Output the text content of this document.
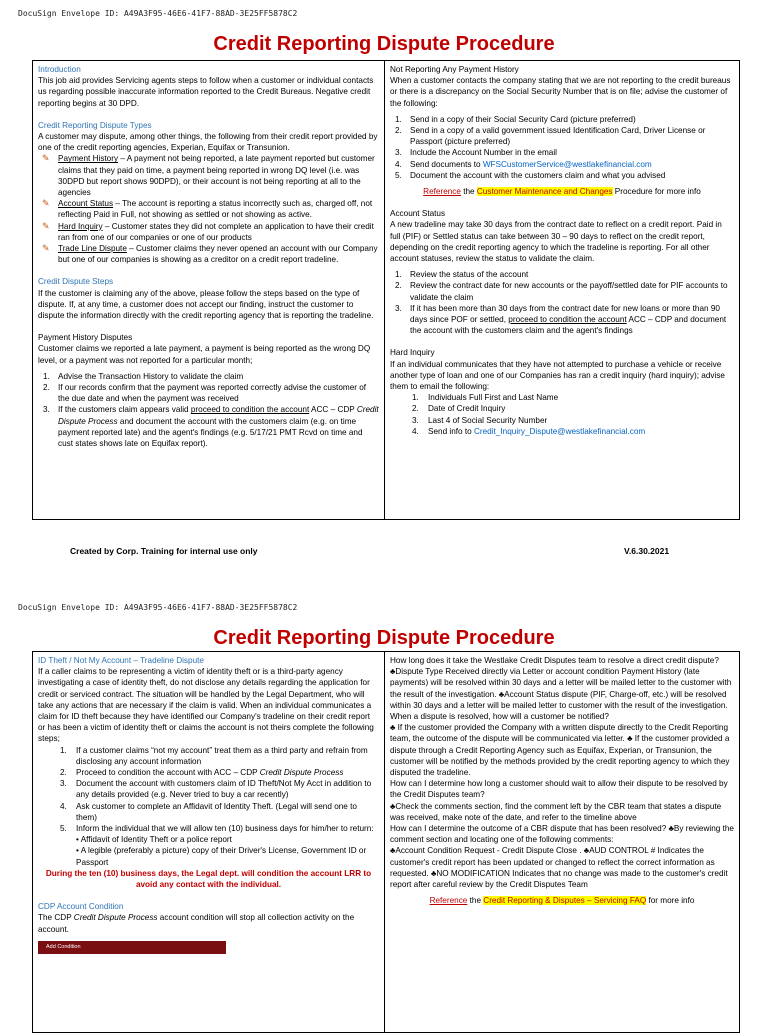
DocuSign Envelope ID: A49A3F95-46E6-41F7-88AD-3E25FF5878C2
Credit Reporting Dispute Procedure

Introduction

This job aid provides Servicing agents steps to follow when a customer or individual contacts us regarding possible inaccurate information reported to the Credit Bureaus. Negative credit reporting begins at 30 DPD.

Credit Reporting Dispute Types

A customer may dispute, among other things, the following from their credit report provided by one of the credit reporting agencies, Experian, Equifax or Transunion.

✎ Payment History – A payment not being reported, a late payment reported but customer claims that they paid on time, a payment being reported in wrong DQ level (i.e. was 30DPD but report shows 90DPD), or their account is not being reporting at all to the agencies
✎ Account Status – The account is reporting a status incorrectly such as, charged off, not reflecting Paid in Full, not showing as settled or not showing as active.
✎ Hard Inquiry – Customer states they did not complete an application to have their credit ran from one of our companies or one of our products
✎ Trade Line Dispute – Customer claims they never opened an account with our Company but one of our companies is showing as a creditor on a credit report tradeline.

Credit Dispute Steps

If the customer is claiming any of the above, please follow the steps based on the type of dispute. If, at any time, a customer does not accept our finding, instruct the customer to dispute the information directly with the credit reporting agency that is reporting the tradeline.

Payment History Disputes

Customer claims we reported a late payment, a payment is being reported as the wrong DQ level, or a payment was not reported for a particular month;

1. Advise the Transaction History to validate the claim
2. If our records confirm that the payment was reported correctly advise the customer of the due date and when the payment was received
3. If the customers claim appears valid proceed to condition the account ACC – CDP Credit Dispute Process and document the account with the customers claim (e.g. on time payment reported late) and the agent's findings (e.g. 5/17/21 PMT Rcvd on time and cust states shows late on Equifax report).

Not Reporting Any Payment History

When a customer contacts the company stating that we are not reporting to the credit bureaus or there is a discrepancy on the Social Security Number that is on file; advise the customer of the following:

1. Send in a copy of their Social Security Card (picture preferred)
2. Send in a copy of a valid government issued Identification Card, Driver License or Passport (picture preferred)
3. Include the Account Number in the email
4. Send documents to WFSCustomerService@westlakefinancial.com
5. Document the account with the customers claim and what you advised

Reference the Customer Maintenance and Changes Procedure for more info

Account Status

A new tradeline may take 30 days from the contract date to reflect on a credit report. Paid in full (PIF) or Settled status can take between 30 – 90 days to reflect on the credit report, depending on the credit reporting agency to which the tradeline is reporting. For all other account statuses, review the status to validate the claim.

1. Review the status of the account
2. Review the contract date for new accounts or the payoff/settled date for PIF accounts to validate the claim
3. If it has been more than 30 days from the contract date for new loans or more than 90 days since POF or settled, proceed to condition the account ACC – CDP and document the account with the customers claim and the agent's findings

Hard Inquiry

If an individual communicates that they have not attempted to purchase a vehicle or receive another type of loan and one of our Companies has ran a credit inquiry (hard inquiry); advise them to email the following:

1. Individuals Full First and Last Name
2. Date of Credit Inquiry
3. Last 4 of Social Security Number
4. Send info to Credit_Inquiry_Dispute@westlakefinancial.com
Created by Corp. Training for internal use only	V.6.30.2021
DocuSign Envelope ID: A49A3F95-46E6-41F7-88AD-3E25FF5878C2
Credit Reporting Dispute Procedure

ID Theft / Not My Account – Tradeline Dispute

If a caller claims to be representing a victim of identity theft or is a third-party agency investigating a case of identity theft, do not disclose any details regarding the application for credit or serviced contract. The situation will be handled by the Legal Department, who will take any actions that are necessary if the claim is valid. When an individual communicates a claim for ID theft because they have identified our Company's tradeline on their credit report or has been a victim of identity theft or claims the account is not theirs complete the following steps;

1. If a customer claims “not my account” treat them as a third party and refrain from disclosing any account information
2. Proceed to condition the account with ACC – CDP Credit Dispute Process
3. Document the account with customers claim of ID Theft/Not My Acct in addition to any details provided (e.g. Never tried to buy a car recently)
4. Ask customer to complete an Affidavit of Identity Theft. (Legal will send one to them)
5. Inform the individual that we will allow ten (10) business days for him/her to return:
• Affidavit of Identity Theft or a police report
• A legible (preferably a picture) copy of their Driver's License, Government ID or Passport

During the ten (10) business days, the Legal dept. will condition the account LRR to avoid any contact with the individual.

CDP Account Condition

The CDP Credit Dispute Process account condition will stop all collection activity on the account.

Add Condition

How long does it take the Westlake Credit Disputes team to resolve a direct credit dispute?

♣Dispute Type Received directly via Letter or account condition Payment History (late payments) will be resolved within 30 days and a letter will be mailed letter to the customer with the result of the investigation. ♣Account Status dispute (PIF, Charge-off, etc.) will be resolved within 30 days and a letter will be mailed letter to customer with the result of the investigation.

When a dispute is resolved, how will a customer be notified?

♣ If the customer provided the Company with a written dispute directly to the Credit Reporting team, the outcome of the dispute will be communicated via letter. ♣ If the customer provided a dispute through a Credit Reporting Agency such as Equifax, Experian, or Transunion, the customer will be notified by the methods provided by the credit reporting agency to which they disputed the tradeline.

How can I determine how long a customer should wait to allow their dispute to be resolved by the Credit Disputes team?

♣Check the comments section, find the comment left by the CBR team that states a dispute was received, make note of the date, and refer to the timeline above

How can I determine the outcome of a CBR dispute that has been resolved? ♣By reviewing the comment section and locating one of the following comments:

♣Account Condition Request - Credit Dispute Close . ♣AUD CONTROL # Indicates the customer's credit report has been updated or changed to reflect the correct information as requested. ♣NO MODIFICATION Indicates that no change was made to the customer's credit report after careful review by the Credit Disputes Team

Reference the Credit Reporting & Disputes – Servicing FAQ for more info
